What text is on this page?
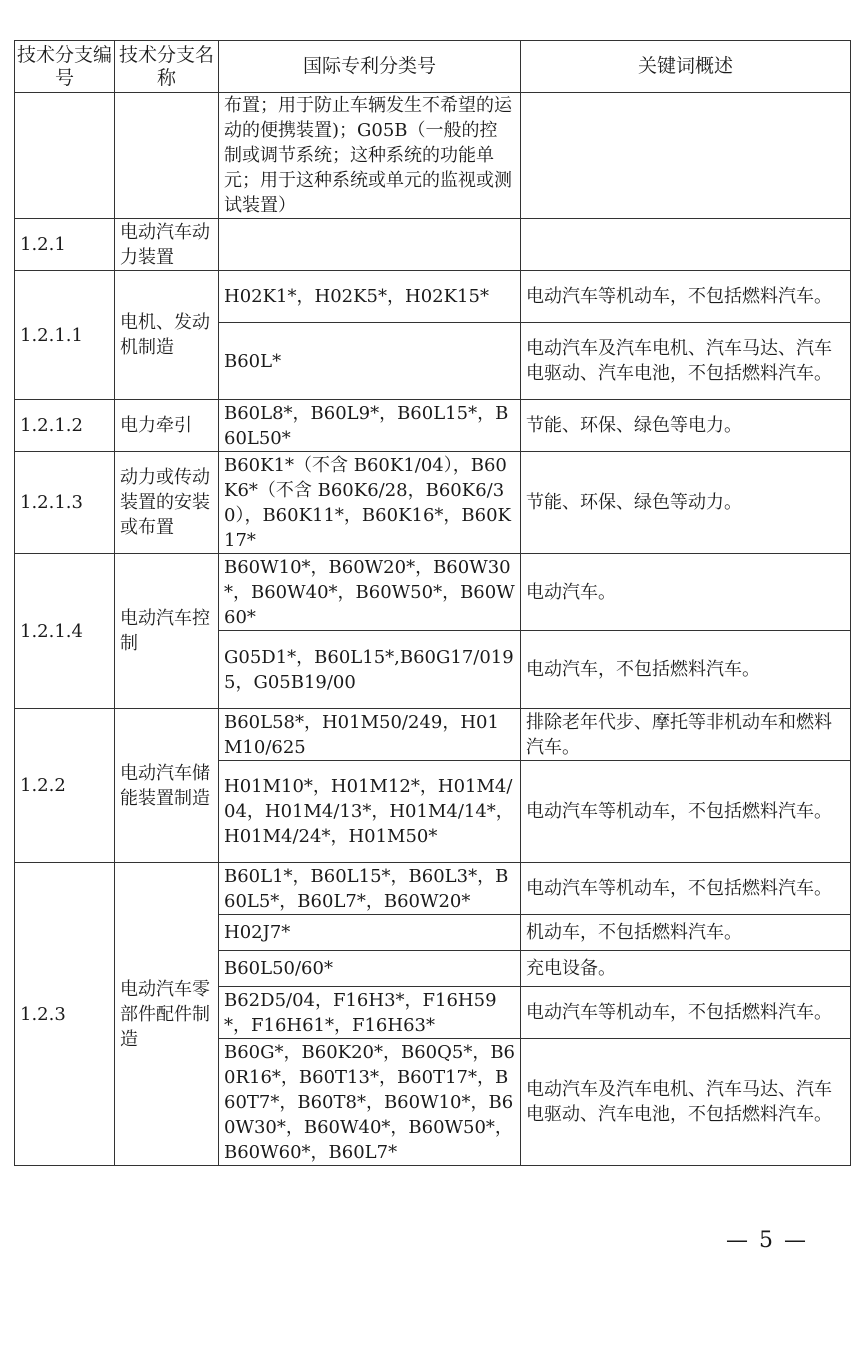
技术分支编号	技术分支名称	国际专利分类号	关键词概述
		布置；用于防止车辆发生不希望的运动的便携装置)；G05B（一般的控制或调节系统；这种系统的功能单元；用于这种系统或单元的监视或测试装置）	
1.2.1	电动汽车动力装置		
1.2.1.1	电机、发动机制造	H02K1*，H02K5*，H02K15*	电动汽车等机动车，不包括燃料汽车。
		B60L*	电动汽车及汽车电机、汽车马达、汽车电驱动、汽车电池，不包括燃料汽车。
1.2.1.2	电力牵引	B60L8*，B60L9*，B60L15*，B60L50*	节能、环保、绿色等电力。
1.2.1.3	动力或传动装置的安装或布置	B60K1*（不含 B60K1/04），B60K6*（不含 B60K6/28，B60K6/30），B60K11*，B60K16*，B60K17*	节能、环保、绿色等动力。
1.2.1.4	电动汽车控制	B60W10*，B60W20*，B60W30*，B60W40*，B60W50*，B60W60*	电动汽车。
		G05D1*，B60L15*,B60G17/0195，G05B19/00	电动汽车，不包括燃料汽车。
1.2.2	电动汽车储能装置制造	B60L58*，H01M50/249，H01M10/625	排除老年代步、摩托等非机动车和燃料汽车。
		H01M10*，H01M12*，H01M4/04，H01M4/13*，H01M4/14*，H01M4/24*，H01M50*	电动汽车等机动车，不包括燃料汽车。
1.2.3	电动汽车零部件配件制造	B60L1*，B60L15*，B60L3*，B60L5*，B60L7*，B60W20*	电动汽车等机动车，不包括燃料汽车。
		H02J7*	机动车，不包括燃料汽车。
		B60L50/60*	充电设备。
		B62D5/04，F16H3*，F16H59*，F16H61*，F16H63*	电动汽车等机动车，不包括燃料汽车。
		B60G*，B60K20*，B60Q5*，B60R16*，B60T13*，B60T17*，B60T7*，B60T8*，B60W10*，B60W30*，B60W40*，B60W50*，B60W60*，B60L7*	电动汽车及汽车电机、汽车马达、汽车电驱动、汽车电池，不包括燃料汽车。
— 5 —
